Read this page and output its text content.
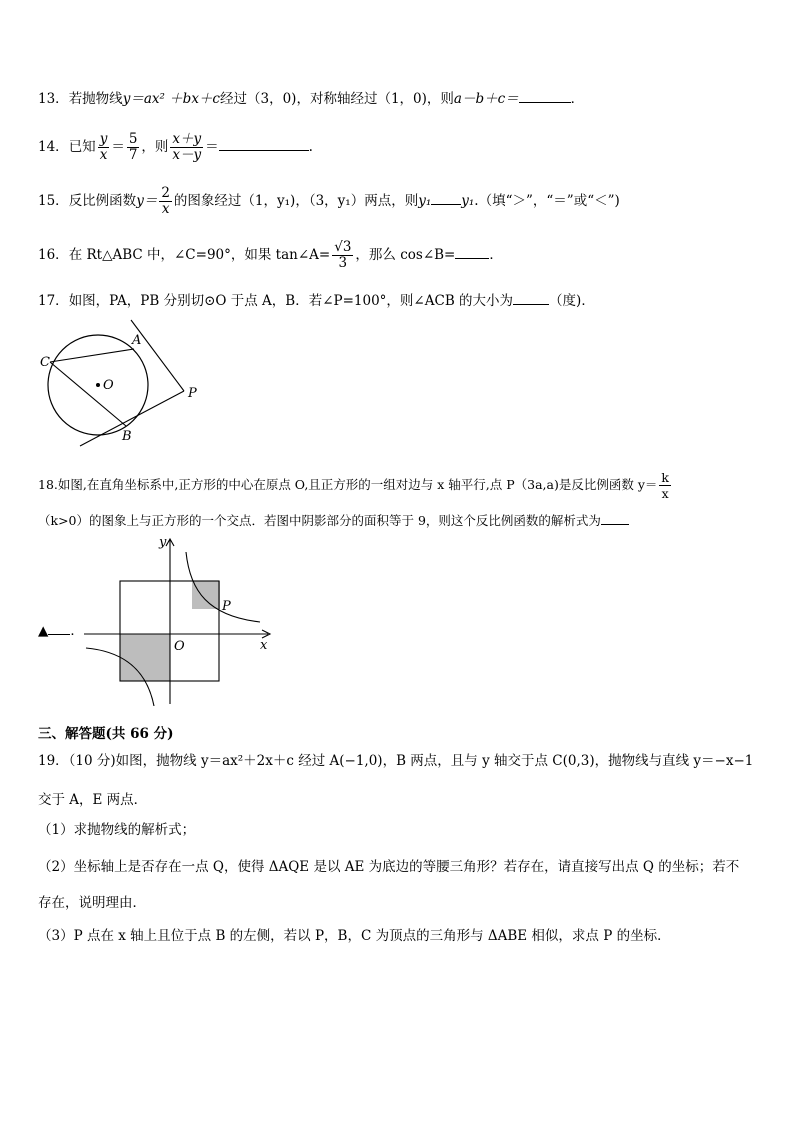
13．若抛物线y＝ax² ＋bx＋c经过（3，0)，对称轴经过（1，0)，则a－b＋c＝	．
14．已知 $\frac{y}{x} = \frac{5}{7}$ ，则 $\frac{x+y}{x-y}$ ＝	.
15．反比例函数$y= \frac{2}{x}$ 的图象经过（1，y₁)，（3，y₁）两点，则y₁ y₁.（填“＞”，“＝”或“＜”)
16．在 Rt△ABC 中，∠C=90°，如果 tan∠A= $\frac{√3}{3}$ ，那么 cos∠B=	．
17．如图，PA，PB 分别切⊙O 于点 A，B．若∠P=100°，则∠ACB 的大小为	（度)．
A
C
O
P
B
18.如图,在直角坐标系中,正方形的中心在原点 O,且正方形的一组对边与 x 轴平行,点 P（3a,a)是反比例函数 $y= \frac{k}{x}$
（k>0）的图象上与正方形的一个交点．若图中阴影部分的面积等于 9，则这个反比例函数的解析式为
y
x
O
P
▲ ．
三、解答题(共 66 分)
19．（10 分)如图，抛物线 y＝ax²＋2x＋c 经过 A(−1,0)，B 两点，且与 y 轴交于点 C(0,3)，抛物线与直线 y＝−x−1
交于 A，E 两点．
（1）求抛物线的解析式；
（2）坐标轴上是否存在一点 Q，使得 ΔAQE 是以 AE 为底边的等腰三角形？若存在，请直接写出点 Q 的坐标；若不
存在，说明理由．
（3）P 点在 x 轴上且位于点 B 的左侧，若以 P，B，C 为顶点的三角形与 ΔABE 相似，求点 P 的坐标．
